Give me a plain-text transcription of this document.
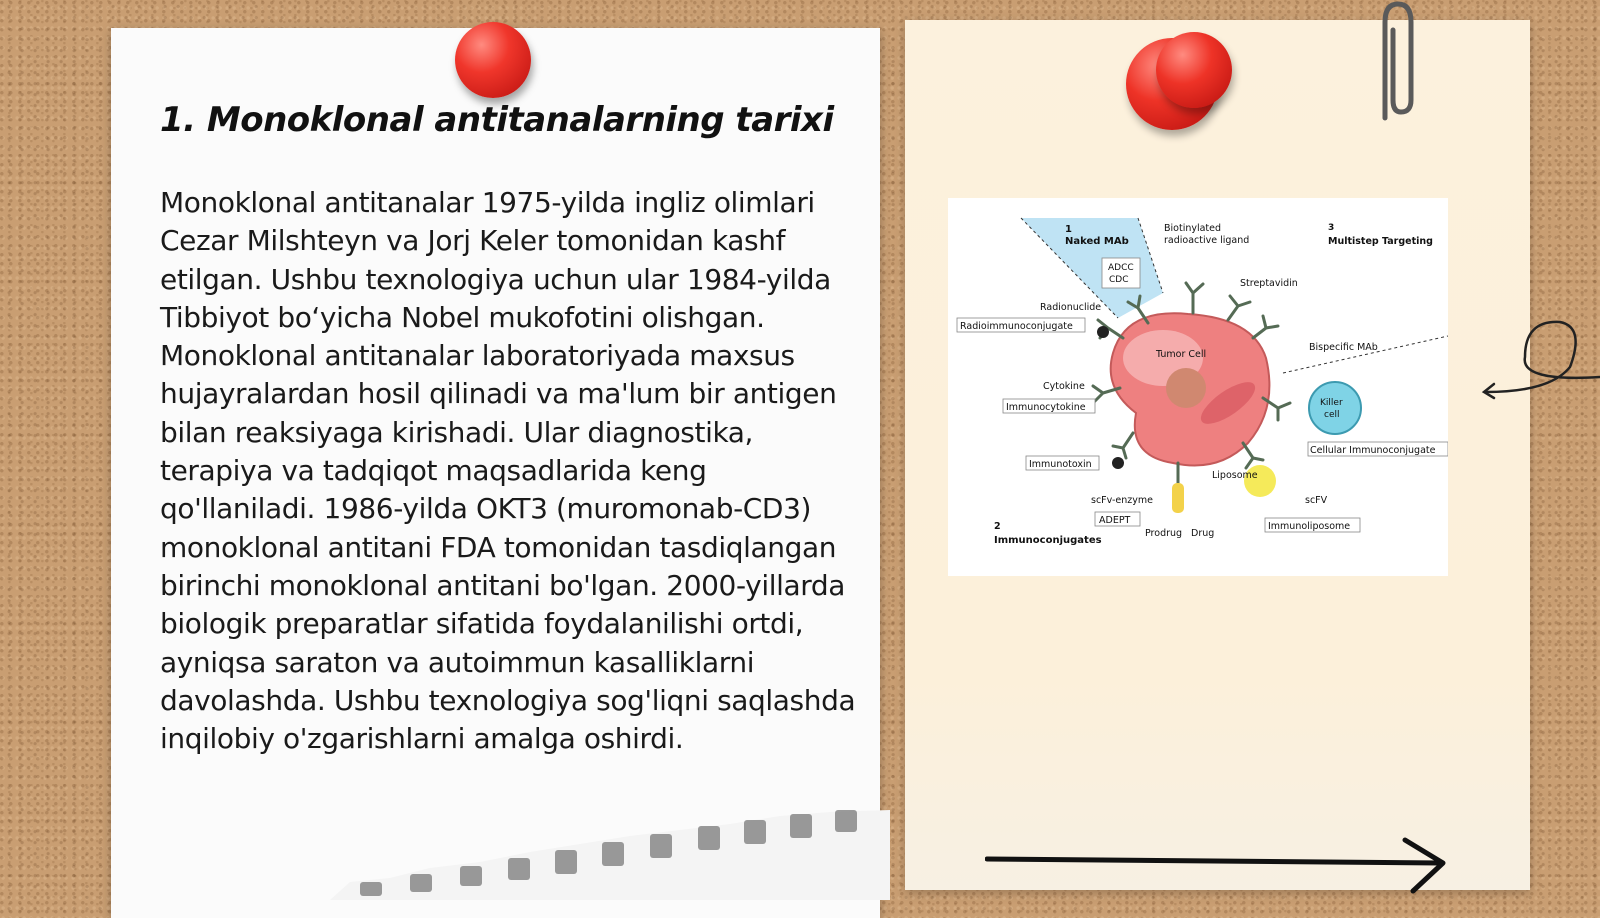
1. Monoklonal antitanalarning tarixi

Monoklonal antitanalar 1975-yilda ingliz olimlari Cezar Milshteyn va Jorj Keler tomonidan kashf etilgan. Ushbu texnologiya uchun ular 1984-yilda Tibbiyot bo‘yicha Nobel mukofotini olishgan. Monoklonal antitanalar laboratoriyada maxsus hujayralardan hosil qilinadi va ma'lum bir antigen bilan reaksiyaga kirishadi. Ular diagnostika, terapiya va tadqiqot maqsadlarida keng qo'llaniladi. 1986-yilda OKT3 (muromonab-CD3) monoklonal antitani FDA tomonidan tasdiqlangan birinchi monoklonal antitani bo'lgan. 2000-yillarda biologik preparatlar sifatida foydalanilishi ortdi, ayniqsa saraton va autoimmun kasalliklarni davolashda. Ushbu texnologiya sog'liqni saqlashda inqilobiy o'zgarishlarni amalga oshirdi.

1
Naked MAb
ADCC
CDC
Biotinylated
radioactive ligand
3
Multistep Targeting
Streptavidin
Radionuclide
Radioimmunoconjugate
Bispecific MAb
Tumor Cell
Cytokine
Immunocytokine	Killer
cell
Cellular Immunoconjugate
Immunotoxin
Liposome
scFv-enzyme	scFV
ADEPT
Prodrug Drug
Immunoliposome
2
Immunoconjugates
